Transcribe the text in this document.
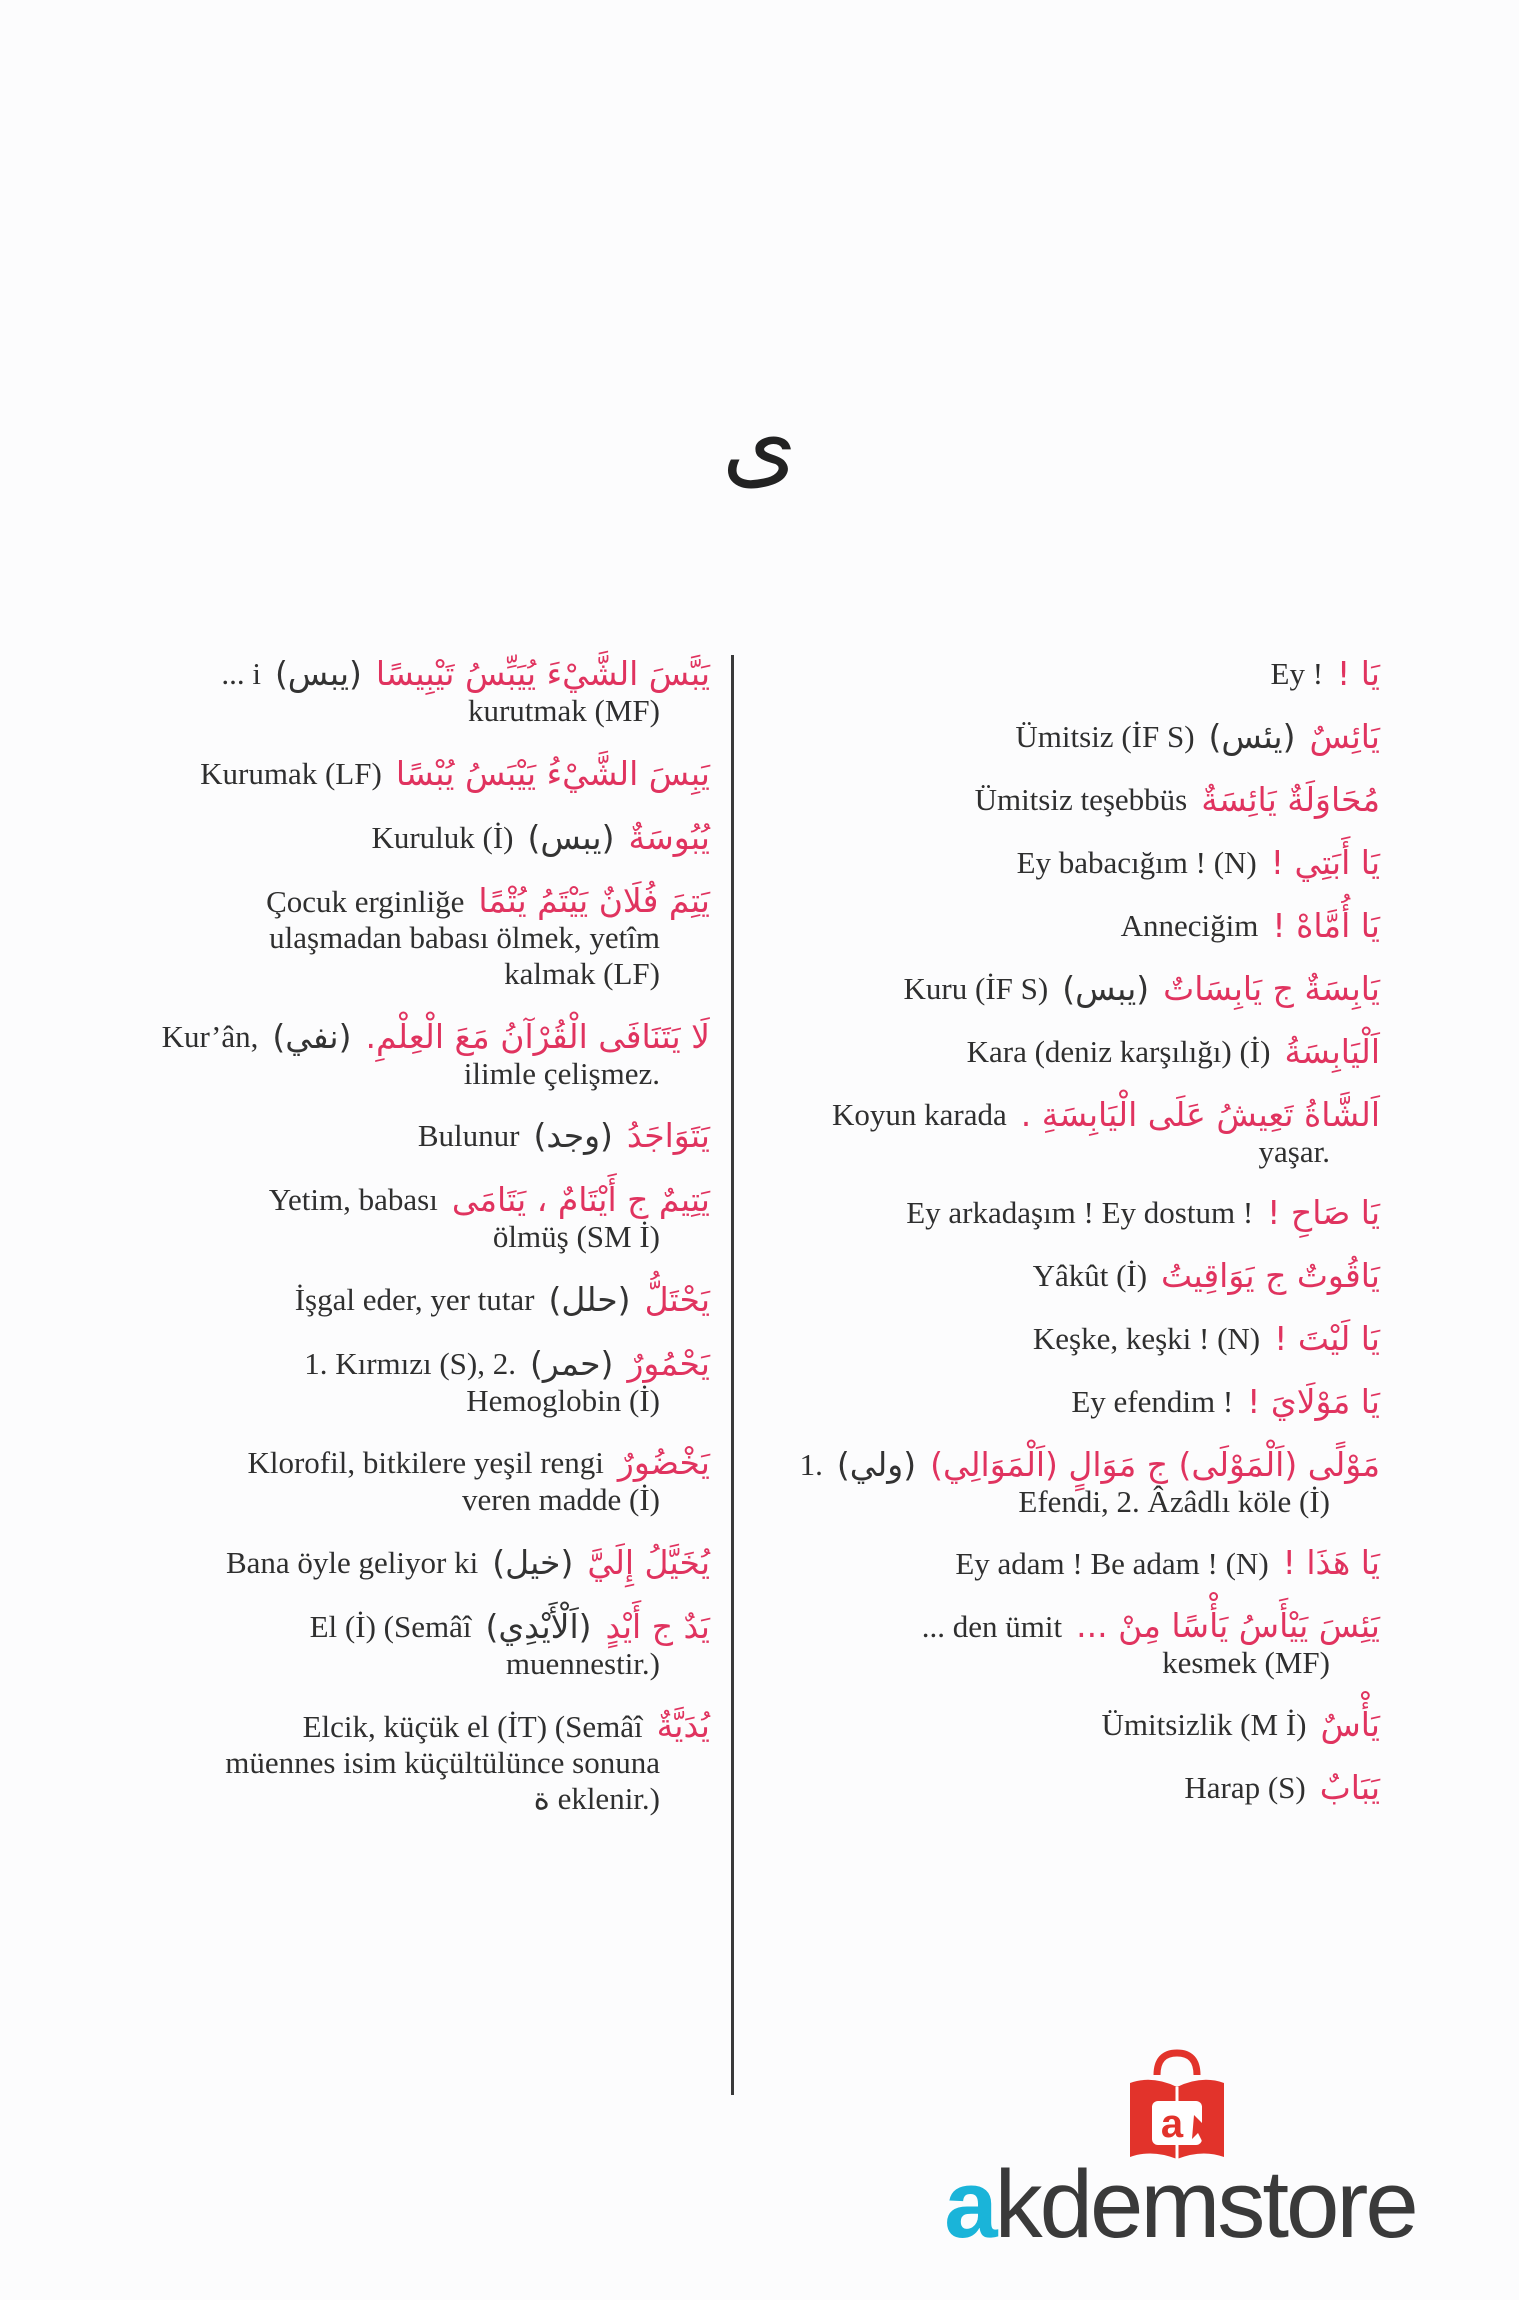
ی
... i (يبس) يَبَّسَ الشَّيْءَ يُيَبِّسُ تَيْبِيسًا
kurutmak (MF)
Kurumak (LF) يَبِسَ الشَّيْءُ يَيْبَسُ يُبْسًا
Kuruluk (İ) (يبس) يُبُوسَةٌ
Çocuk erginliğe يَتِمَ فُلَانٌ يَيْتَمُ يُتْمًا
ulaşmadan babası ölmek, yetîm
kalmak (LF)
Kur’ân, (نفي) لَا يَتَنَافَى الْقُرْآنُ مَعَ الْعِلْمِ.
ilimle çelişmez.
Bulunur (وجد) يَتَوَاجَدُ
Yetim, babası يَتِيمٌ ج أَيْتَامٌ ، يَتَامَى
ölmüş (SM İ)
İşgal eder, yer tutar (حلل) يَحْتَلُّ
1. Kırmızı (S), 2. (حمر) يَحْمُورٌ
Hemoglobin (İ)
Klorofil, bitkilere yeşil rengi يَخْضُورٌ
veren madde (İ)
Bana öyle geliyor ki (خيل) يُخَيَّلُ إِلَيَّ
El (İ) (Semâî (اَلْأَيْدِي) يَدٌ ج أَيْدٍ
muennestir.)
Elcik, küçük el (İT) (Semâî يُدَيَّةٌ
müennes isim küçültülünce sonuna
ة eklenir.)
Ey ! يَا !
Ümitsiz (İF S) (يئس) يَائِسٌ
Ümitsiz teşebbüs مُحَاوَلَةٌ يَائِسَةٌ
Ey babacığım ! (N) يَا أَبَتِي !
Anneciğim يَا أُمَّاهْ !
Kuru (İF S) (يبس) يَابِسَةٌ ج يَابِسَاتٌ
Kara (deniz karşılığı) (İ) اَلْيَابِسَةُ
Koyun karada اَلشَّاةُ تَعِيشُ عَلَى الْيَابِسَةِ .
yaşar.
Ey arkadaşım ! Ey dostum ! يَا صَاحِ !
Yâkût (İ) يَاقُوتٌ ج يَوَاقِيتُ
Keşke, keşki ! (N) يَا لَيْتَ !
Ey efendim ! يَا مَوْلَايَ !
1. (ولي) مَوْلًى (اَلْمَوْلَى) ج مَوَالٍ (اَلْمَوَالِي)
Efendi, 2. Âzâdlı köle (İ)
Ey adam ! Be adam ! (N) يَا هَذَا !
... den ümit يَئِسَ يَيْأَسُ يَأْسًا مِنْ ...
kesmek (MF)
Ümitsizlik (M İ) يَأْسٌ
Harap (S) يَبَابٌ
a
akdemstore
